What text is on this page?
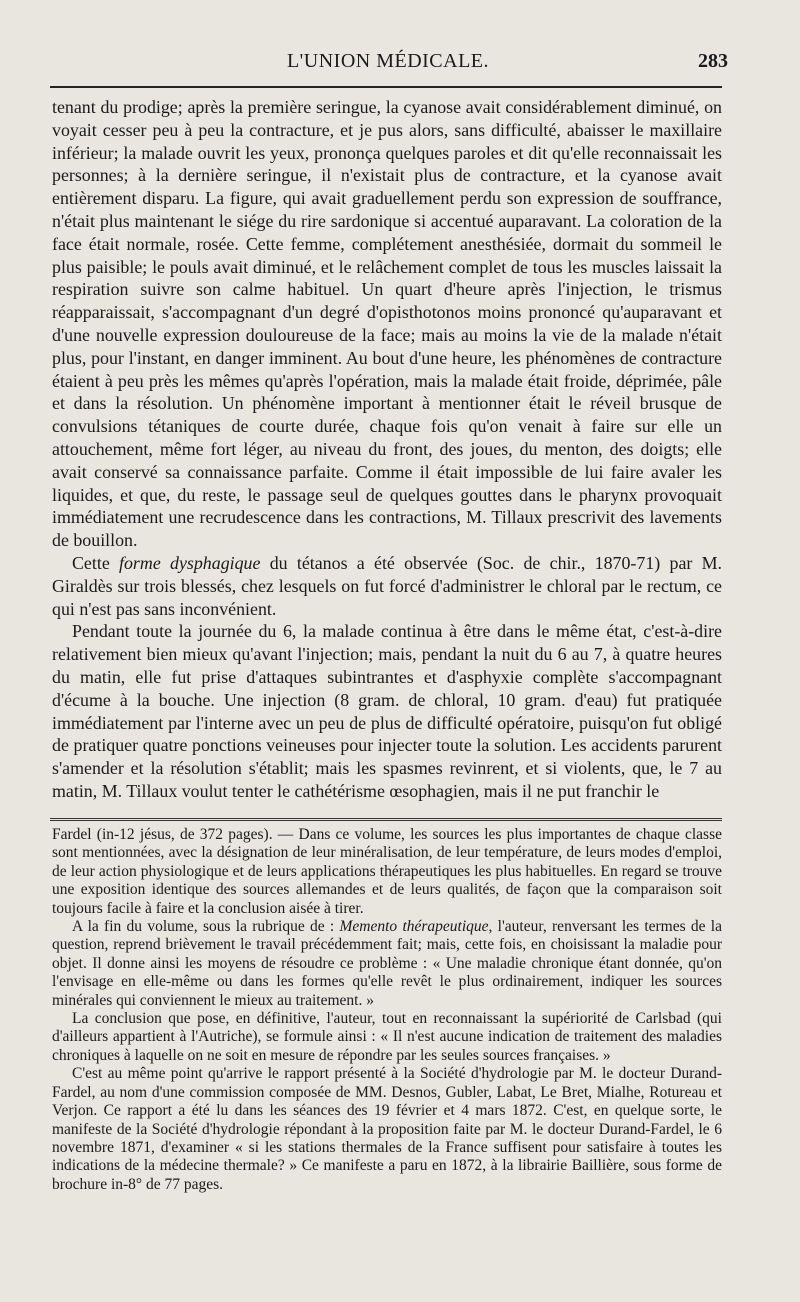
L'UNION MÉDICALE.	283

tenant du prodige; après la première seringue, la cyanose avait considérablement diminué, on voyait cesser peu à peu la contracture, et je pus alors, sans difficulté, abaisser le maxillaire inférieur; la malade ouvrit les yeux, prononça quelques paroles et dit qu'elle reconnaissait les personnes; à la dernière seringue, il n'existait plus de contracture, et la cyanose avait entièrement disparu. La figure, qui avait graduellement perdu son expression de souffrance, n'était plus maintenant le siége du rire sardonique si accentué auparavant. La coloration de la face était normale, rosée. Cette femme, complétement anesthésiée, dormait du sommeil le plus paisible; le pouls avait diminué, et le relâchement complet de tous les muscles laissait la respiration suivre son calme habituel. Un quart d'heure après l'injection, le trismus réapparaissait, s'accompagnant d'un degré d'opisthotonos moins prononcé qu'auparavant et d'une nouvelle expression douloureuse de la face; mais au moins la vie de la malade n'était plus, pour l'instant, en danger imminent. Au bout d'une heure, les phénomènes de contracture étaient à peu près les mêmes qu'après l'opération, mais la malade était froide, déprimée, pâle et dans la résolution. Un phénomène important à mentionner était le réveil brusque de convulsions tétaniques de courte durée, chaque fois qu'on venait à faire sur elle un attouchement, même fort léger, au niveau du front, des joues, du menton, des doigts; elle avait conservé sa connaissance parfaite. Comme il était impossible de lui faire avaler les liquides, et que, du reste, le passage seul de quelques gouttes dans le pharynx provoquait immédiatement une recrudescence dans les contractions, M. Tillaux prescrivit des lavements de bouillon.

Cette forme dysphagique du tétanos a été observée (Soc. de chir., 1870-71) par M. Giraldès sur trois blessés, chez lesquels on fut forcé d'administrer le chloral par le rectum, ce qui n'est pas sans inconvénient.

Pendant toute la journée du 6, la malade continua à être dans le même état, c'est-à-dire relativement bien mieux qu'avant l'injection; mais, pendant la nuit du 6 au 7, à quatre heures du matin, elle fut prise d'attaques subintrantes et d'asphyxie complète s'accompagnant d'écume à la bouche. Une injection (8 gram. de chloral, 10 gram. d'eau) fut pratiquée immédiatement par l'interne avec un peu de plus de difficulté opératoire, puisqu'on fut obligé de pratiquer quatre ponctions veineuses pour injecter toute la solution. Les accidents parurent s'amender et la résolution s'établit; mais les spasmes revinrent, et si violents, que, le 7 au matin, M. Tillaux voulut tenter le cathétérisme œsophagien, mais il ne put franchir le

Fardel (in-12 jésus, de 372 pages). — Dans ce volume, les sources les plus importantes de chaque classe sont mentionnées, avec la désignation de leur minéralisation, de leur température, de leurs modes d'emploi, de leur action physiologique et de leurs applications thérapeutiques les plus habituelles. En regard se trouve une exposition identique des sources allemandes et de leurs qualités, de façon que la comparaison soit toujours facile à faire et la conclusion aisée à tirer.

A la fin du volume, sous la rubrique de : Memento thérapeutique, l'auteur, renversant les termes de la question, reprend brièvement le travail précédemment fait; mais, cette fois, en choisissant la maladie pour objet. Il donne ainsi les moyens de résoudre ce problème : « Une maladie chronique étant donnée, qu'on l'envisage en elle-même ou dans les formes qu'elle revêt le plus ordinairement, indiquer les sources minérales qui conviennent le mieux au traitement. »

La conclusion que pose, en définitive, l'auteur, tout en reconnaissant la supériorité de Carlsbad (qui d'ailleurs appartient à l'Autriche), se formule ainsi : « Il n'est aucune indication de traitement des maladies chroniques à laquelle on ne soit en mesure de répondre par les seules sources françaises. »

C'est au même point qu'arrive le rapport présenté à la Société d'hydrologie par M. le docteur Durand-Fardel, au nom d'une commission composée de MM. Desnos, Gubler, Labat, Le Bret, Mialhe, Rotureau et Verjon. Ce rapport a été lu dans les séances des 19 février et 4 mars 1872. C'est, en quelque sorte, le manifeste de la Société d'hydrologie répondant à la proposition faite par M. le docteur Durand-Fardel, le 6 novembre 1871, d'examiner « si les stations thermales de la France suffisent pour satisfaire à toutes les indications de la médecine thermale? » Ce manifeste a paru en 1872, à la librairie Baillière, sous forme de brochure in-8° de 77 pages.
